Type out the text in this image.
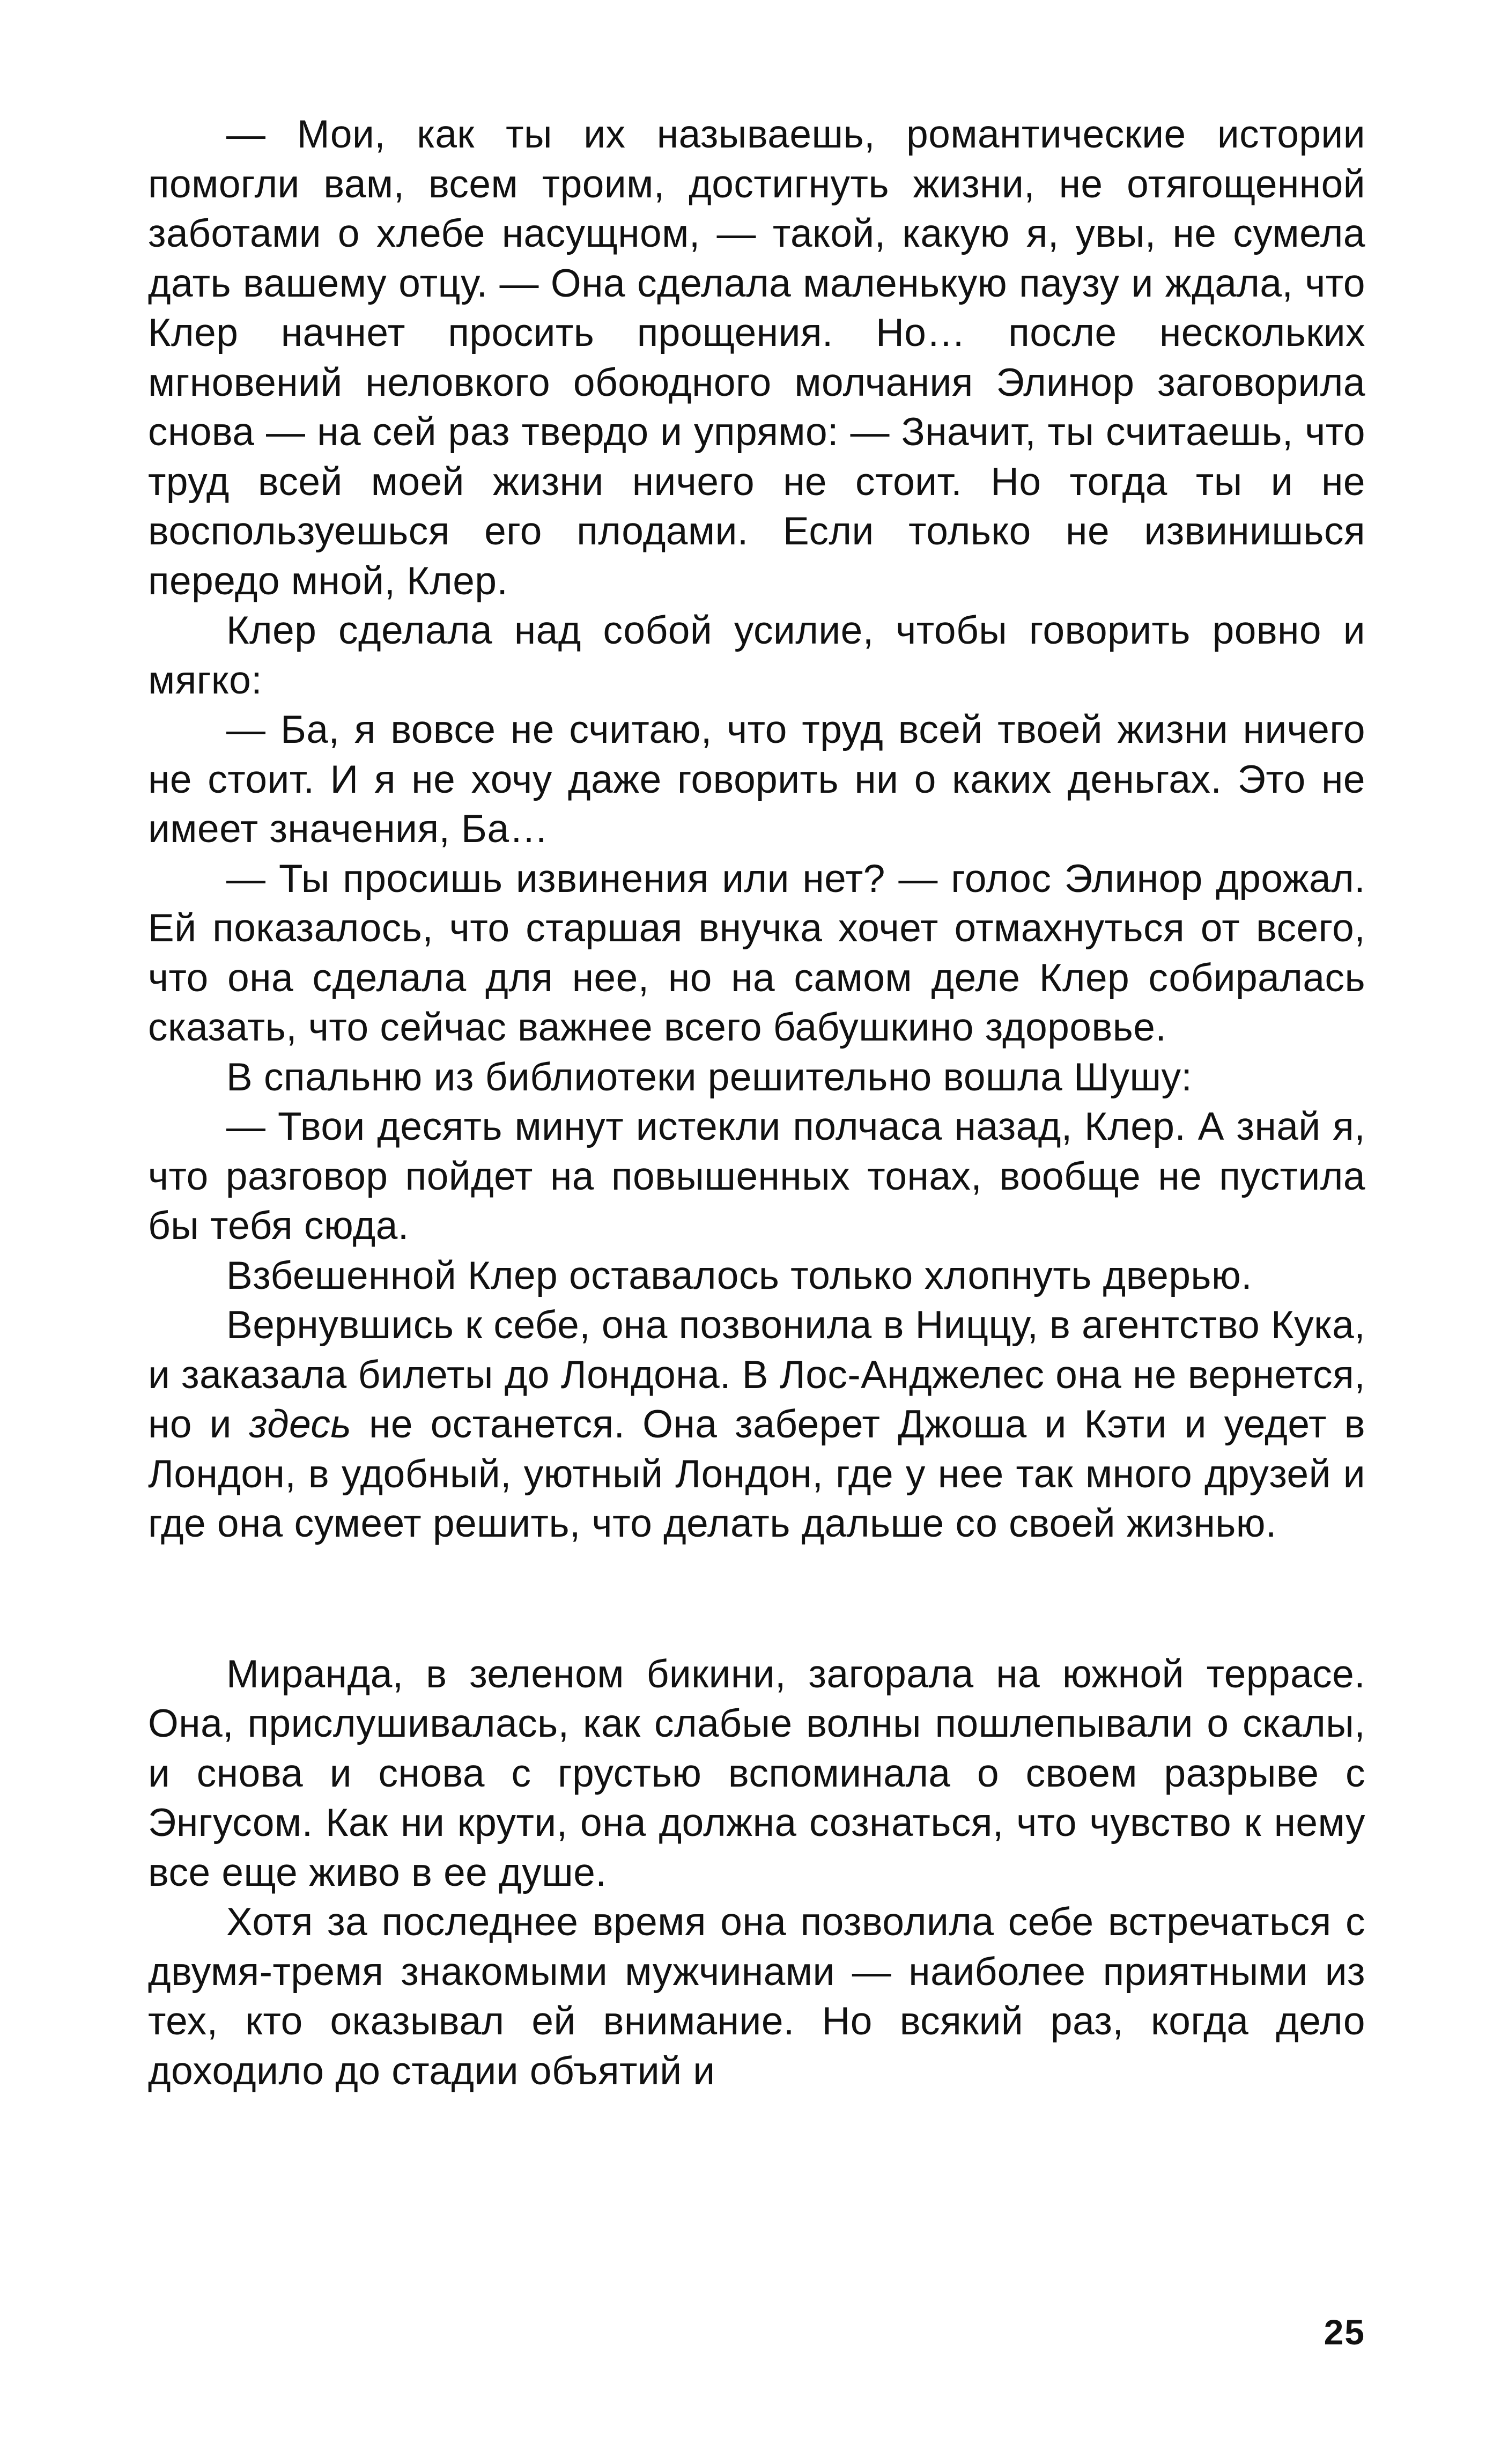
— Мои, как ты их называешь, романтические истории помогли вам, всем троим, достигнуть жизни, не отягощенной заботами о хлебе насущном, — такой, какую я, увы, не сумела дать вашему отцу. — Она сделала маленькую паузу и ждала, что Клер начнет просить прощения. Но… после нескольких мгновений неловкого обоюдного молчания Элинор заговорила снова — на сей раз твердо и упрямо: — Значит, ты считаешь, что труд всей моей жизни ничего не стоит. Но тогда ты и не воспользуешься его плодами. Если только не извинишься передо мной, Клер.

Клер сделала над собой усилие, чтобы говорить ровно и мягко:

— Ба, я вовсе не считаю, что труд всей твоей жизни ничего не стоит. И я не хочу даже говорить ни о каких деньгах. Это не имеет значения, Ба…

— Ты просишь извинения или нет? — голос Элинор дрожал. Ей показалось, что старшая внучка хочет отмахнуться от всего, что она сделала для нее, но на самом деле Клер собиралась сказать, что сейчас важнее всего бабушкино здоровье.

В спальню из библиотеки решительно вошла Шушу:

— Твои десять минут истекли полчаса назад, Клер. А знай я, что разговор пойдет на повышенных тонах, вообще не пустила бы тебя сюда.

Взбешенной Клер оставалось только хлопнуть дверью.

Вернувшись к себе, она позвонила в Ниццу, в агентство Кука, и заказала билеты до Лондона. В Лос-Анджелес она не вернется, но и здесь не останется. Она заберет Джоша и Кэти и уедет в Лондон, в удобный, уютный Лондон, где у нее так много друзей и где она сумеет решить, что делать дальше со своей жизнью.

Миранда, в зеленом бикини, загорала на южной террасе. Она, прислушивалась, как слабые волны пошлепывали о скалы, и снова и снова с грустью вспоминала о своем разрыве с Энгусом. Как ни крути, она должна сознаться, что чувство к нему все еще живо в ее душе.

Хотя за последнее время она позволила себе встречаться с двумя-тремя знакомыми мужчинами — наиболее приятными из тех, кто оказывал ей внимание. Но всякий раз, когда дело доходило до стадии объятий и

25
